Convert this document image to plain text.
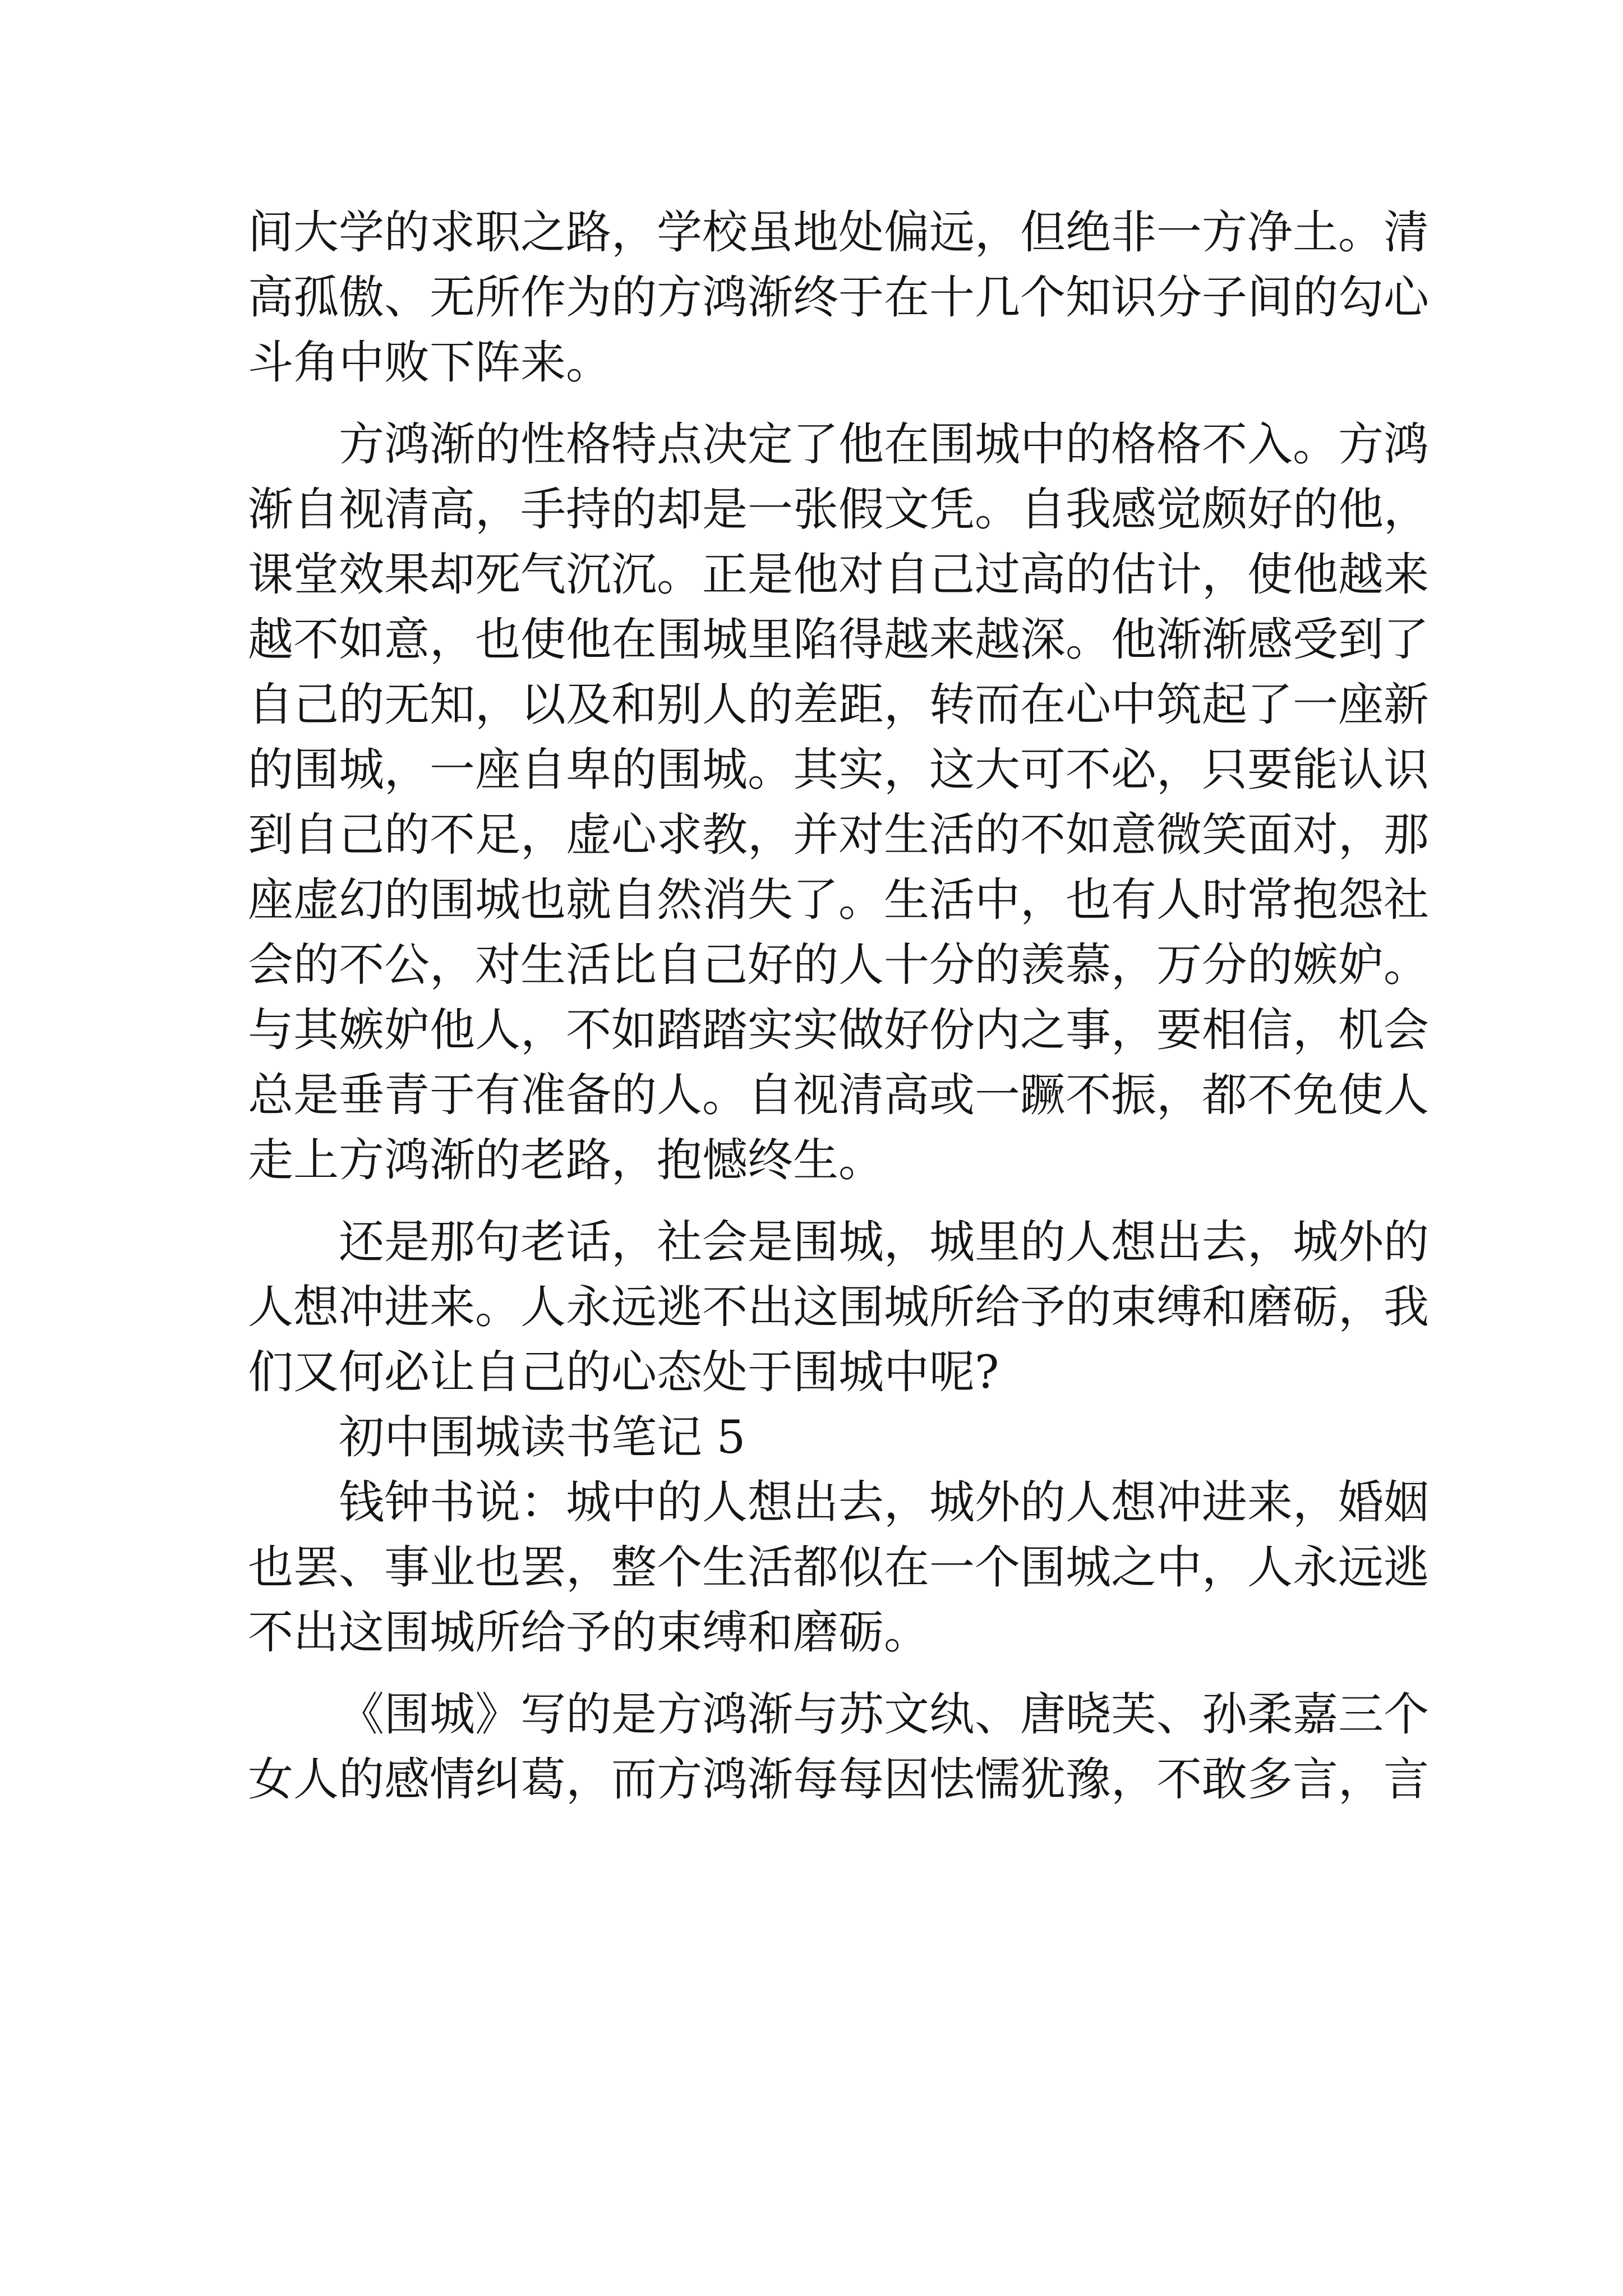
间大学的求职之路，学校虽地处偏远，但绝非一方净土。清
高孤傲、无所作为的方鸿渐终于在十几个知识分子间的勾心
斗角中败下阵来。
方鸿渐的性格特点决定了他在围城中的格格不入。方鸿
渐自视清高，手持的却是一张假文凭。自我感觉颇好的他，
课堂效果却死气沉沉。正是他对自己过高的估计，使他越来
越不如意，也使他在围城里陷得越来越深。他渐渐感受到了
自己的无知，以及和别人的差距，转而在心中筑起了一座新
的围城，一座自卑的围城。其实，这大可不必，只要能认识
到自己的不足，虚心求教，并对生活的不如意微笑面对，那
座虚幻的围城也就自然消失了。生活中，也有人时常抱怨社
会的不公，对生活比自己好的人十分的羡慕，万分的嫉妒。
与其嫉妒他人，不如踏踏实实做好份内之事，要相信，机会
总是垂青于有准备的人。自视清高或一蹶不振，都不免使人
走上方鸿渐的老路，抱憾终生。
还是那句老话，社会是围城，城里的人想出去，城外的
人想冲进来。人永远逃不出这围城所给予的束缚和磨砺，我
们又何必让自己的心态处于围城中呢?
初中围城读书笔记 5
钱钟书说：城中的人想出去，城外的人想冲进来，婚姻
也罢、事业也罢，整个生活都似在一个围城之中，人永远逃
不出这围城所给予的束缚和磨砺。
《围城》写的是方鸿渐与苏文纨、唐晓芙、孙柔嘉三个
女人的感情纠葛，而方鸿渐每每因怯懦犹豫，不敢多言，言
